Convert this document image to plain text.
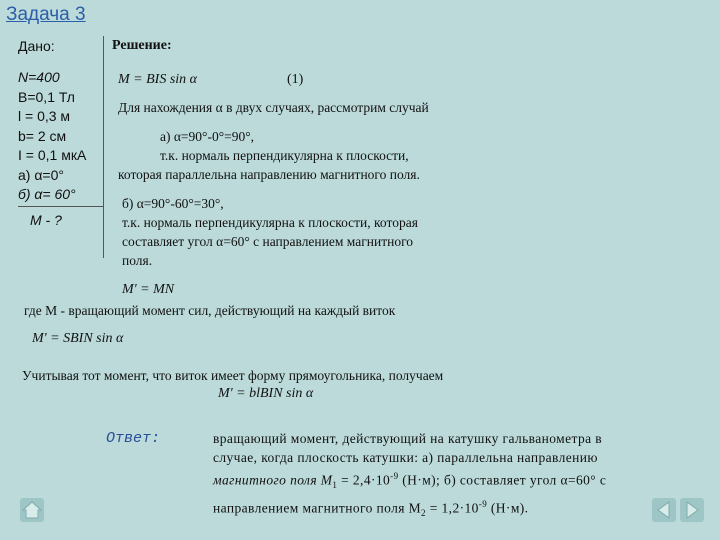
Задача 3
Дано:	Решение:
N=400
B=0,1 Тл
l = 0,3 м
b= 2 см
I = 0,1 мкА
а) α=0°
б) α= 60°
M - ?
M = BIS sin α	(1)
Для нахождения α в двух случаях, рассмотрим случай
а) α=90°-0°=90°,
т.к. нормаль перпендикулярна к плоскости,
которая параллельна направлению магнитного поля.
б) α=90°-60°=30°,
т.к. нормаль перпендикулярна к плоскости, которая
составляет угол α=60° с направлением магнитного
поля.
M' = MN
где M - вращающий момент сил, действующий на каждый виток
M' = SBIN sin α
Учитывая тот момент, что виток имеет форму прямоугольника, получаем
M' = blBIN sin α
Ответ:	вращающий момент, действующий на катушку гальванометра в
случае, когда плоскость катушки: а) параллельна направлению
магнитного поля $M_1 = 2,4\cdot 10^{-9}$ (Н·м); б) составляет угол α=60° с
направлением магнитного поля $M_2 = 1,2\cdot 10^{-9}$ (Н·м).
